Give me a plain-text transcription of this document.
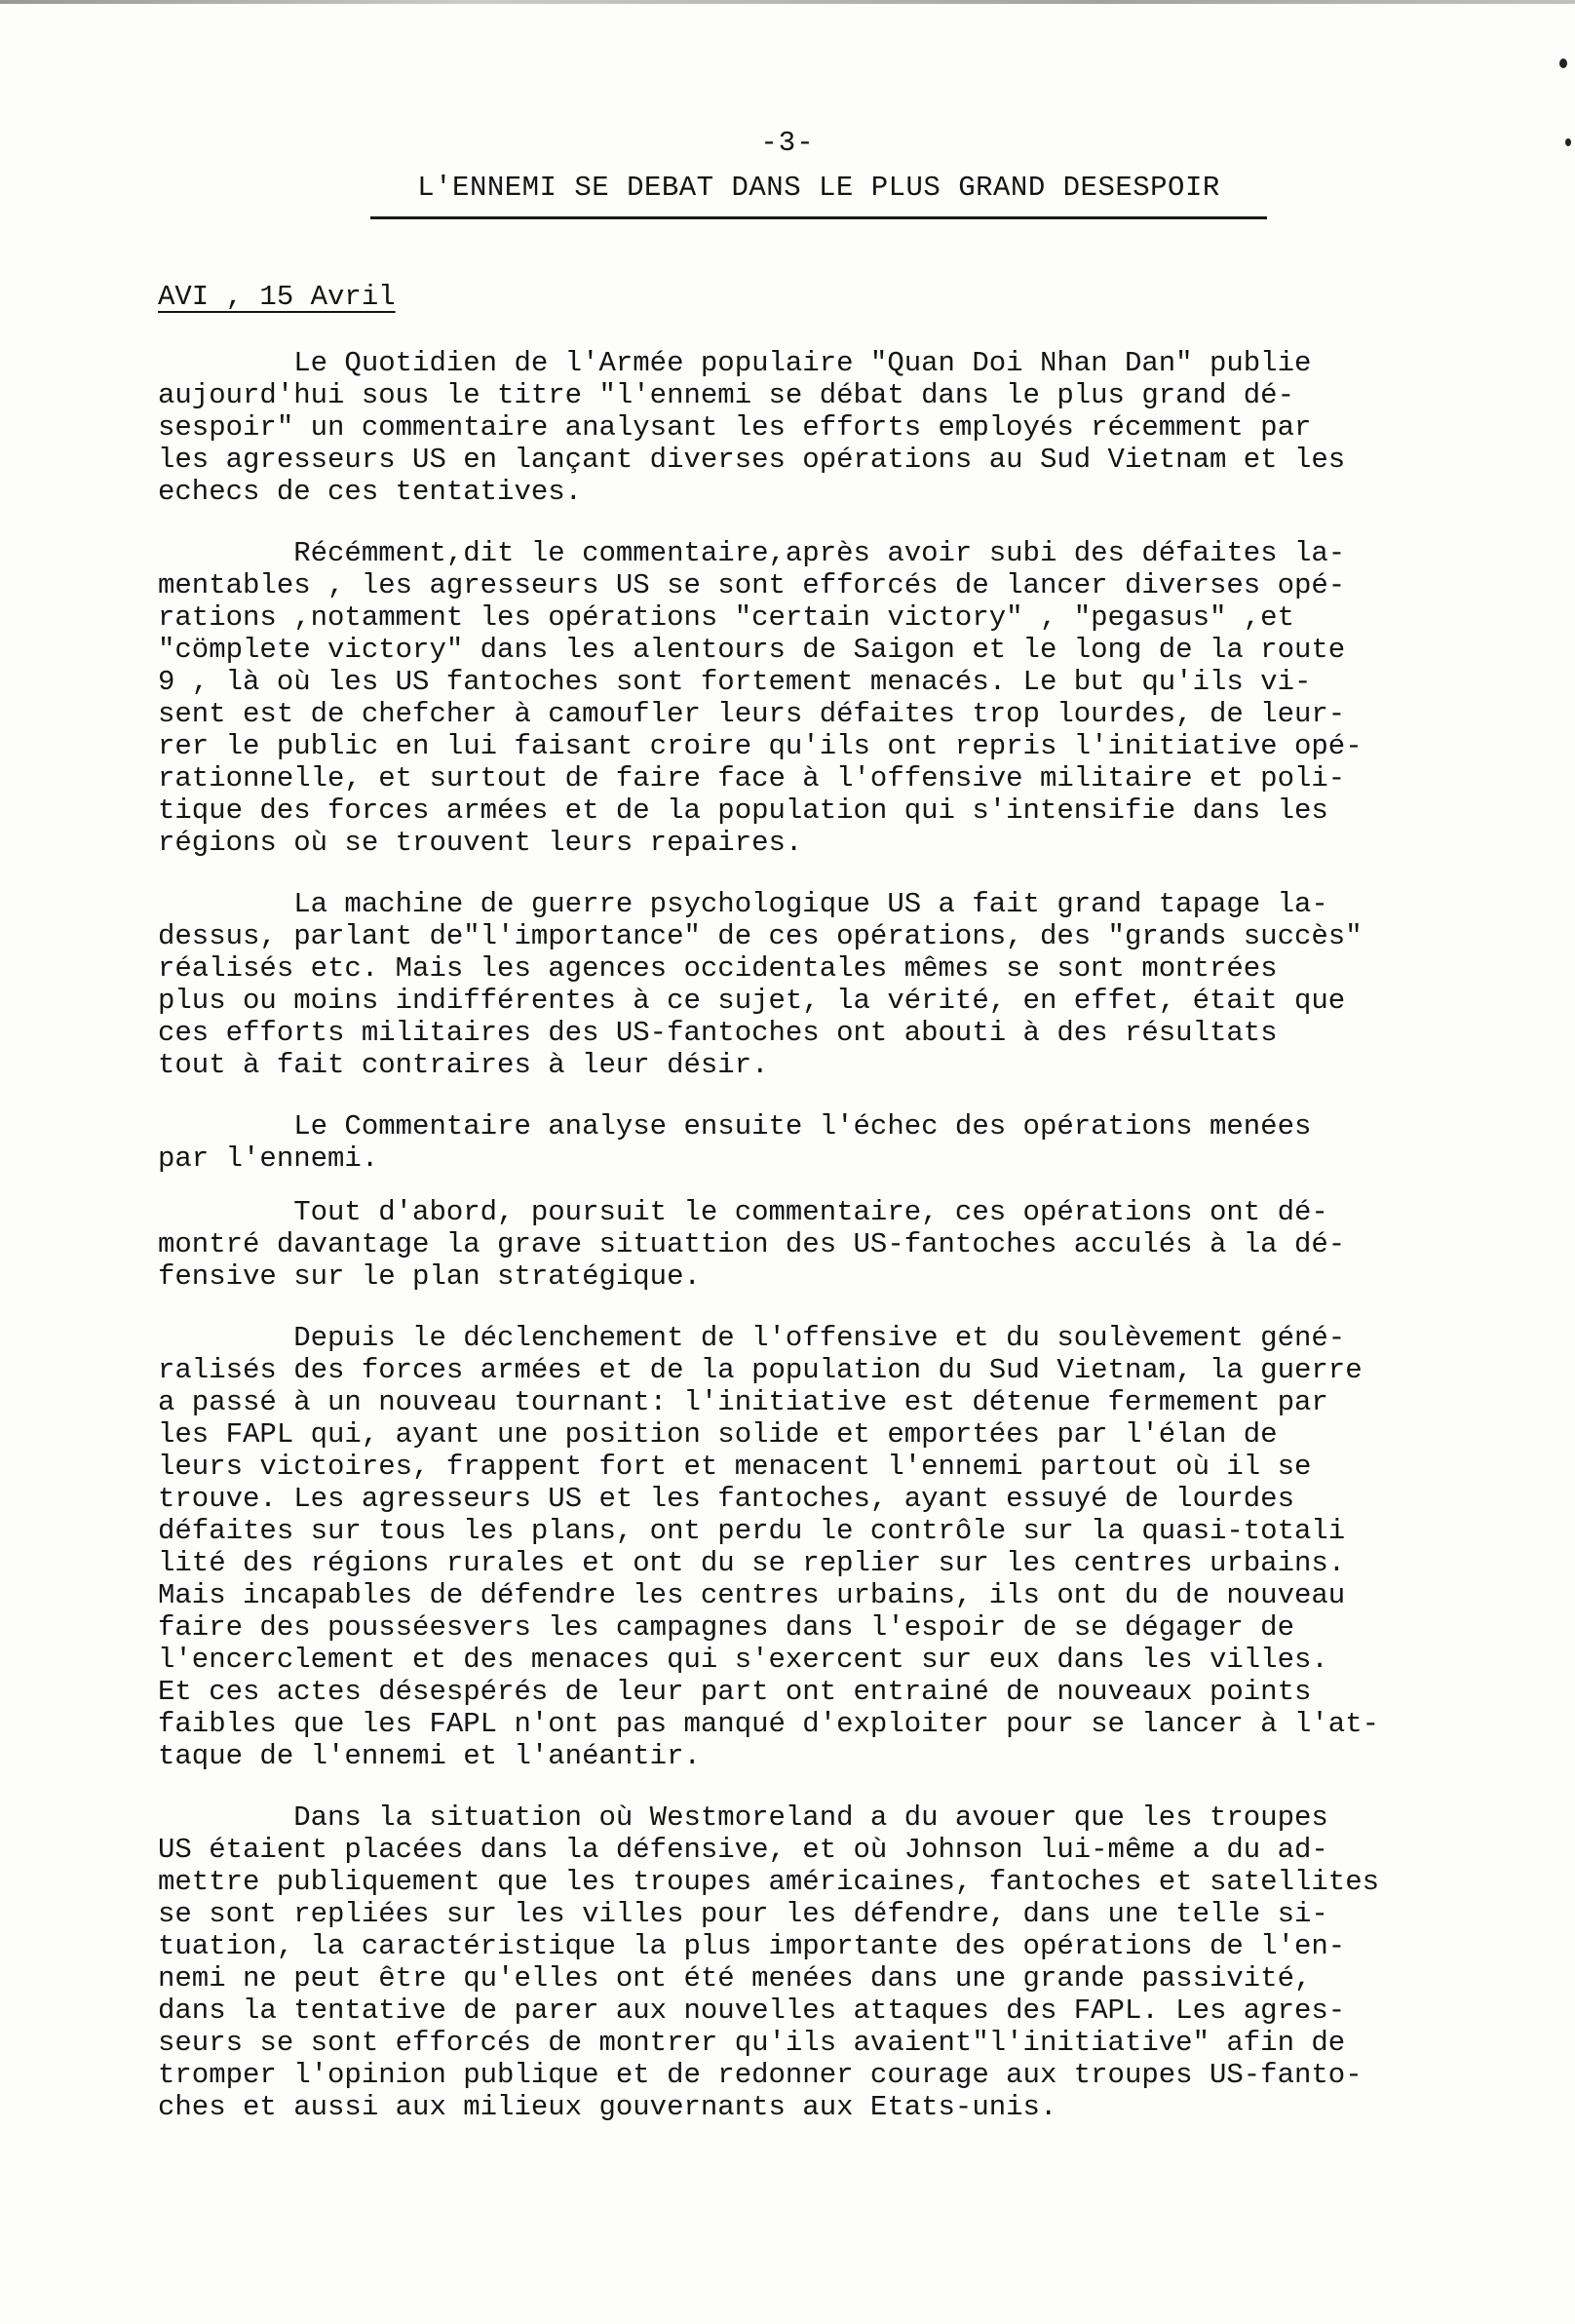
-3-
L'ENNEMI SE DEBAT DANS LE PLUS GRAND DESESPOIR
AVI , 15 Avril
Le Quotidien de l'Armée populaire "Quan Doi Nhan Dan" publie
aujourd'hui sous le titre "l'ennemi se débat dans le plus grand dé-
sespoir" un commentaire analysant les efforts employés récemment par
les agresseurs US en lançant diverses opérations au Sud Vietnam et les
echecs de ces tentatives.
Récémment,dit le commentaire,après avoir subi des défaites la-
mentables , les agresseurs US se sont efforcés de lancer diverses opé-
rations ,notamment les opérations "certain victory" , "pegasus" ,et
"cömplete victory" dans les alentours de Saigon et le long de la route
9 , là où les US fantoches sont fortement menacés. Le but qu'ils vi-
sent est de chefcher à camoufler leurs défaites trop lourdes, de leur-
rer le public en lui faisant croire qu'ils ont repris l'initiative opé-
rationnelle, et surtout de faire face à l'offensive militaire et poli-
tique des forces armées et de la population qui s'intensifie dans les
régions où se trouvent leurs repaires.
La machine de guerre psychologique US a fait grand tapage la-
dessus, parlant de"l'importance" de ces opérations, des "grands succès"
réalisés etc. Mais les agences occidentales mêmes se sont montrées
plus ou moins indifférentes à ce sujet, la vérité, en effet, était que
ces efforts militaires des US-fantoches ont abouti à des résultats
tout à fait contraires à leur désir.
Le Commentaire analyse ensuite l'échec des opérations menées
par l'ennemi.
Tout d'abord, poursuit le commentaire, ces opérations ont dé-
montré davantage la grave situattion des US-fantoches acculés à la dé-
fensive sur le plan stratégique.
Depuis le déclenchement de l'offensive et du soulèvement géné-
ralisés des forces armées et de la population du Sud Vietnam, la guerre
a passé à un nouveau tournant: l'initiative est détenue fermement par
les FAPL qui, ayant une position solide et emportées par l'élan de
leurs victoires, frappent fort et menacent l'ennemi partout où il se
trouve. Les agresseurs US et les fantoches, ayant essuyé de lourdes
défaites sur tous les plans, ont perdu le contrôle sur la quasi-totali
lité des régions rurales et ont du se replier sur les centres urbains.
Mais incapables de défendre les centres urbains, ils ont du de nouveau
faire des pousséesvers les campagnes dans l'espoir de se dégager de
l'encerclement et des menaces qui s'exercent sur eux dans les villes.
Et ces actes désespérés de leur part ont entrainé de nouveaux points
faibles que les FAPL n'ont pas manqué d'exploiter pour se lancer à l'at-
taque de l'ennemi et l'anéantir.
Dans la situation où Westmoreland a du avouer que les troupes
US étaient placées dans la défensive, et où Johnson lui-même a du ad-
mettre publiquement que les troupes américaines, fantoches et satellites
se sont repliées sur les villes pour les défendre, dans une telle si-
tuation, la caractéristique la plus importante des opérations de l'en-
nemi ne peut être qu'elles ont été menées dans une grande passivité,
dans la tentative de parer aux nouvelles attaques des FAPL. Les agres-
seurs se sont efforcés de montrer qu'ils avaient"l'initiative" afin de
tromper l'opinion publique et de redonner courage aux troupes US-fanto-
ches et aussi aux milieux gouvernants aux Etats-unis.
